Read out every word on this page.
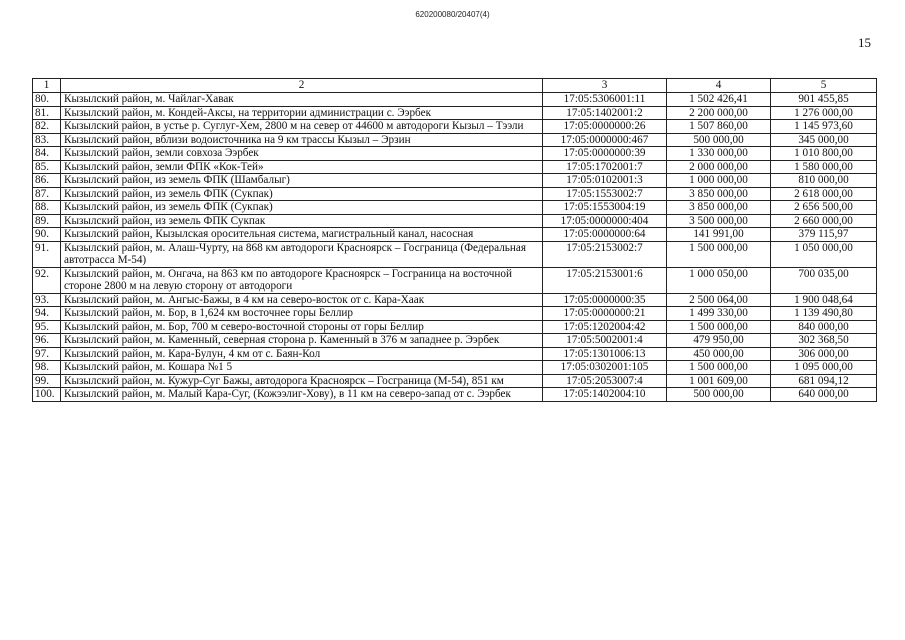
620200080/20407(4)
15
1	2	3	4	5
80.	Кызылский район, м. Чайлаг-Хавак	17:05:5306001:11	1 502 426,41	901 455,85
81.	Кызылский район, м. Кондей-Аксы, на территории администрации с. Ээрбек	17:05:1402001:2	2 200 000,00	1 276 000,00
82.	Кызылский район, в устье р. Суглуг-Хем, 2800 м на север от 44600 м автодороги Кызыл – Тээли	17:05:0000000:26	1 507 860,00	1 145 973,60
83.	Кызылский район, вблизи водоисточника на 9 км трассы Кызыл – Эрзин	17:05:0000000:467	500 000,00	345 000,00
84.	Кызылский район, земли совхоза Ээрбек	17:05:0000000:39	1 330 000,00	1 010 800,00
85.	Кызылский район, земли ФПК «Кок-Тей»	17:05:1702001:7	2 000 000,00	1 580 000,00
86.	Кызылский район, из земель ФПК (Шамбалыг)	17:05:0102001:3	1 000 000,00	810 000,00
87.	Кызылский район, из земель ФПК (Сукпак)	17:05:1553002:7	3 850 000,00	2 618 000,00
88.	Кызылский район, из земель ФПК (Сукпак)	17:05:1553004:19	3 850 000,00	2 656 500,00
89.	Кызылский район, из земель ФПК Сукпак	17:05:0000000:404	3 500 000,00	2 660 000,00
90.	Кызылский район, Кызылская оросительная система, магистральный канал, насосная	17:05:0000000:64	141 991,00	379 115,97
91.	Кызылский район, м. Алаш-Чурту, на 868 км автодороги Красноярск – Госграница (Федеральная автотрасса М-54)	17:05:2153002:7	1 500 000,00	1 050 000,00
92.	Кызылский район, м. Онгача, на 863 км по автодороге Красноярск – Госграница на восточной стороне 2800 м на левую сторону от автодороги	17:05:2153001:6	1 000 050,00	700 035,00
93.	Кызылский район, м. Ангыс-Бажы, в 4 км на северо-восток от с. Кара-Хаак	17:05:0000000:35	2 500 064,00	1 900 048,64
94.	Кызылский район, м. Бор, в 1,624 км восточнее горы Беллир	17:05:0000000:21	1 499 330,00	1 139 490,80
95.	Кызылский район, м. Бор, 700 м северо-восточной стороны от горы Беллир	17:05:1202004:42	1 500 000,00	840 000,00
96.	Кызылский район, м. Каменный, северная сторона р. Каменный в 376 м западнее р. Ээрбек	17:05:5002001:4	479 950,00	302 368,50
97.	Кызылский район, м. Кара-Булун, 4 км от с. Баян-Кол	17:05:1301006:13	450 000,00	306 000,00
98.	Кызылский район, м. Кошара №1 5	17:05:0302001:105	1 500 000,00	1 095 000,00
99.	Кызылский район, м. Кужур-Суг Бажы, автодорога Красноярск – Госграница (М-54), 851 км	17:05:2053007:4	1 001 609,00	681 094,12
100.	Кызылский район, м. Малый Кара-Суг, (Кожээлиг-Хову), в 11 км на северо-запад от с. Ээрбек	17:05:1402004:10	500 000,00	640 000,00
